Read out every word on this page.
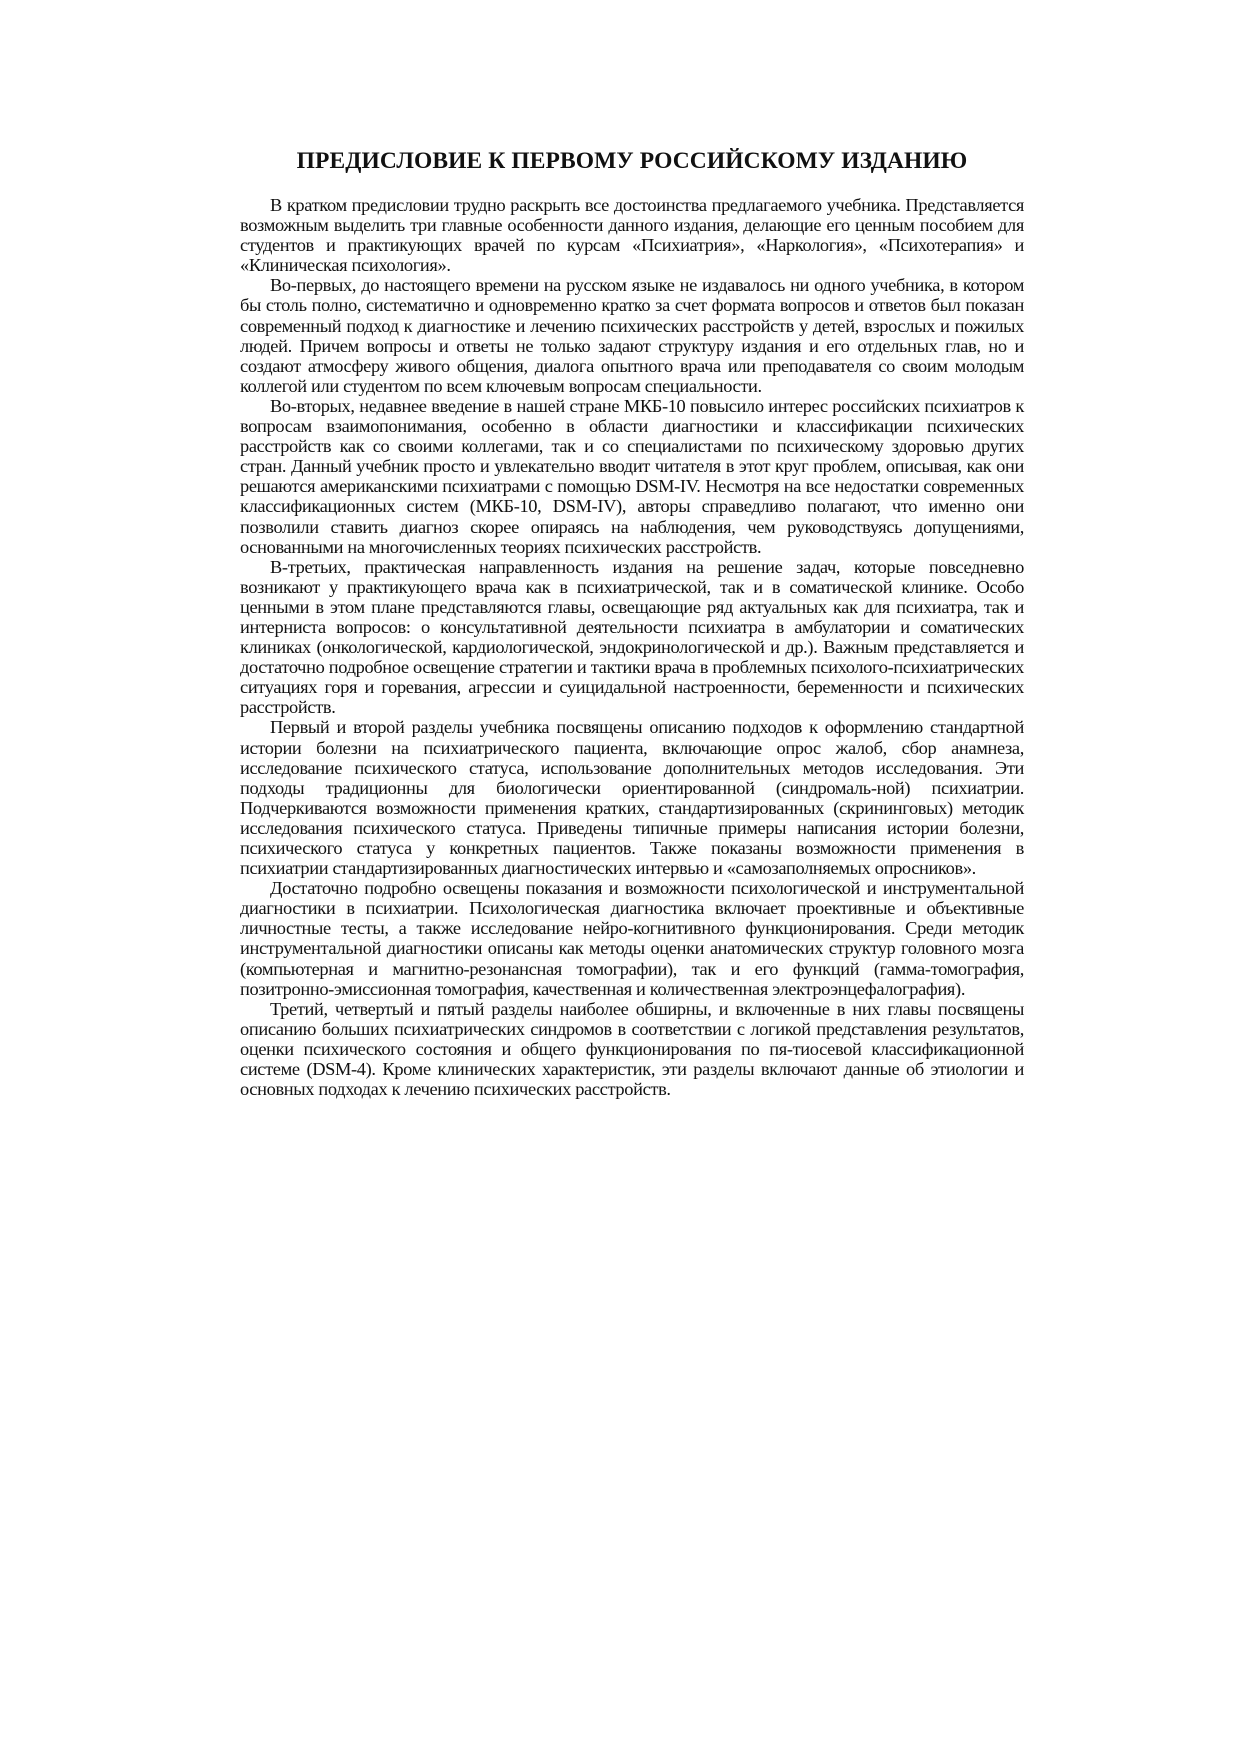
ПРЕДИСЛОВИЕ К ПЕРВОМУ РОССИЙСКОМУ ИЗДАНИЮ

В кратком предисловии трудно раскрыть все достоинства предлагаемого учебника. Представляется возможным выделить три главные особенности данного издания, делающие его ценным пособием для студентов и практикующих врачей по курсам «Психиатрия», «Наркология», «Психотерапия» и «Клиническая психология».

Во-первых, до настоящего времени на русском языке не издавалось ни одного учебника, в котором бы столь полно, систематично и одновременно кратко за счет формата вопросов и ответов был показан современный подход к диагностике и лечению психических расстройств у детей, взрослых и пожилых людей. Причем вопросы и ответы не только задают структуру издания и его отдельных глав, но и создают атмосферу живого общения, диалога опытного врача или преподавателя со своим молодым коллегой или студентом по всем ключевым вопросам специальности.

Во-вторых, недавнее введение в нашей стране МКБ-10 повысило интерес российских психиатров к вопросам взаимопонимания, особенно в области диагностики и классификации психических расстройств как со своими коллегами, так и со специалистами по психическому здоровью других стран. Данный учебник просто и увлекательно вводит читателя в этот круг проблем, описывая, как они решаются американскими психиатрами с помощью DSM-IV. Несмотря на все недостатки современных классификационных систем (МКБ-10, DSM-IV), авторы справедливо полагают, что именно они позволили ставить диагноз скорее опираясь на наблюдения, чем руководствуясь допущениями, основанными на многочисленных теориях психических расстройств.

В-третьих, практическая направленность издания на решение задач, которые повседневно возникают у практикующего врача как в психиатрической, так и в соматической клинике. Особо ценными в этом плане представляются главы, освещающие ряд актуальных как для психиатра, так и интерниста вопросов: о консультативной деятельности психиатра в амбулатории и соматических клиниках (онкологической, кардиологической, эндокринологической и др.). Важным представляется и достаточно подробное освещение стратегии и тактики врача в проблемных психолого-психиатрических ситуациях горя и горевания, агрессии и суицидальной настроенности, беременности и психических расстройств.

Первый и второй разделы учебника посвящены описанию подходов к оформлению стандартной истории болезни на психиатрического пациента, включающие опрос жалоб, сбор анамнеза, исследование психического статуса, использование дополнительных методов исследования. Эти подходы традиционны для биологически ориентированной (синдромаль-ной) психиатрии. Подчеркиваются возможности применения кратких, стандартизированных (скрининговых) методик исследования психического статуса. Приведены типичные примеры написания истории болезни, психического статуса у конкретных пациентов. Также показаны возможности применения в психиатрии стандартизированных диагностических интервью и «самозаполняемых опросников».

Достаточно подробно освещены показания и возможности психологической и инструментальной диагностики в психиатрии. Психологическая диагностика включает проективные и объективные личностные тесты, а также исследование нейро-когнитивного функционирования. Среди методик инструментальной диагностики описаны как методы оценки анатомических структур головного мозга (компьютерная и магнитно-резонансная томографии), так и его функций (гамма-томография, позитронно-эмиссионная томография, качественная и количественная электроэнцефалография).

Третий, четвертый и пятый разделы наиболее обширны, и включенные в них главы посвящены описанию больших психиатрических синдромов в соответствии с логикой представления результатов, оценки психического состояния и общего функционирования по пя-тиосевой классификационной системе (DSM-4). Кроме клинических характеристик, эти разделы включают данные об этиологии и основных подходах к лечению психических расстройств.
